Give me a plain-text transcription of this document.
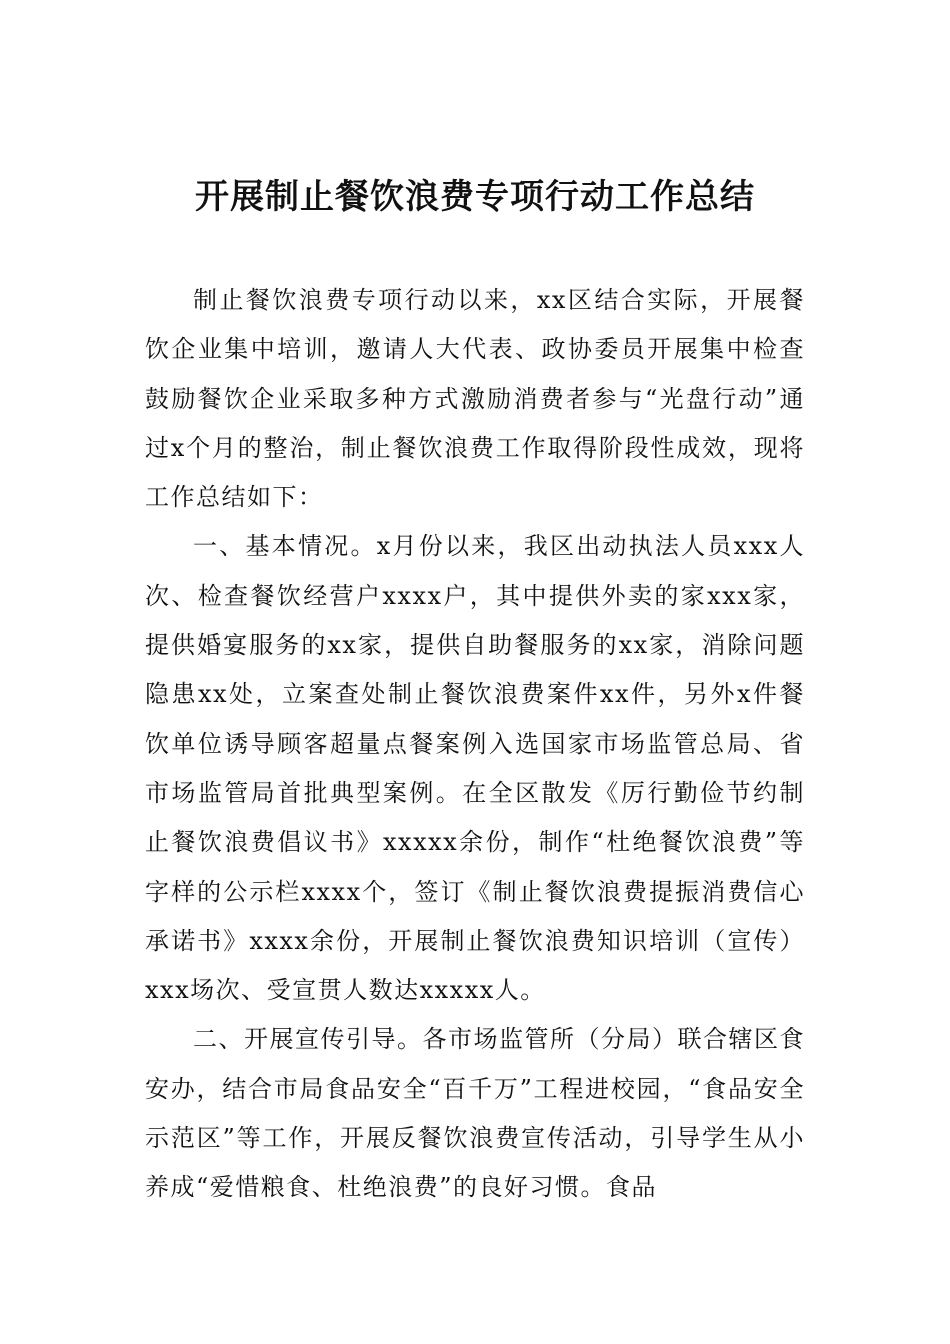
开展制止餐饮浪费专项行动工作总结

制止餐饮浪费专项行动以来，xx区结合实际，开展餐饮企业集中培训，邀请人大代表、政协委员开展集中检查鼓励餐饮企业采取多种方式激励消费者参与“光盘行动”通过x个月的整治，制止餐饮浪费工作取得阶段性成效，现将工作总结如下：

一、基本情况。x月份以来，我区出动执法人员xxx人次、检查餐饮经营户xxxx户，其中提供外卖的家xxx家，提供婚宴服务的xx家，提供自助餐服务的xx家，消除问题隐患xx处，立案查处制止餐饮浪费案件xx件，另外x件餐饮单位诱导顾客超量点餐案例入选国家市场监管总局、省市场监管局首批典型案例。在全区散发《厉行勤俭节约制止餐饮浪费倡议书》xxxxx余份，制作“杜绝餐饮浪费”等字样的公示栏xxxx个，签订《制止餐饮浪费提振消费信心承诺书》xxxx余份，开展制止餐饮浪费知识培训（宣传）xxx场次、受宣贯人数达xxxxx人。

二、开展宣传引导。各市场监管所（分局）联合辖区食安办，结合市局食品安全“百千万”工程进校园，“食品安全示范区”等工作，开展反餐饮浪费宣传活动，引导学生从小养成“爱惜粮食、杜绝浪费”的良好习惯。食品
